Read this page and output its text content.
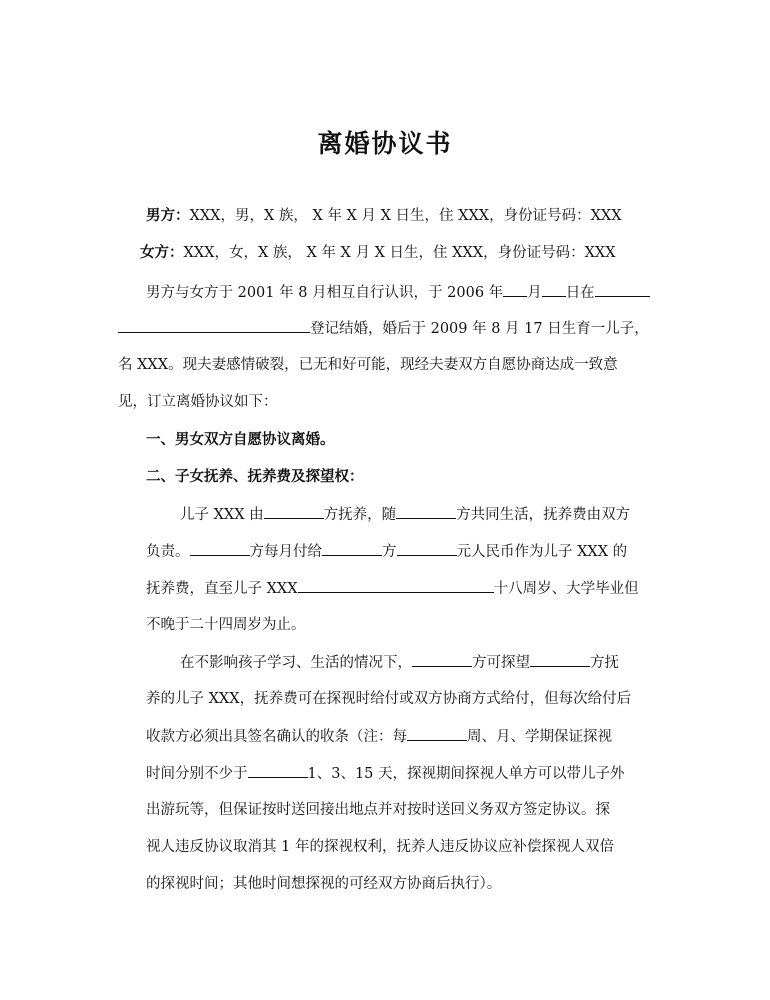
离婚协议书
男方：XXX，男，X 族， X 年 X 月 X 日生，住 XXX，身份证号码：XXX
女方：XXX，女，X 族， X 年 X 月 X 日生，住 XXX，身份证号码：XXX
男方与女方于 2001 年 8 月相互自行认识，于 2006 年 月 日在
登记结婚，婚后于 2009 年 8 月 17 日生育一儿子，
名 XXX。现夫妻感情破裂，已无和好可能，现经夫妻双方自愿协商达成一致意
见，订立离婚协议如下：
一、男女双方自愿协议离婚。
二、子女抚养、抚养费及探望权：
儿子 XXX 由	方抚养，随	方共同生活，抚养费由双方
负责。	方每月付给	方	元人民币作为儿子 XXX 的
抚养费，直至儿子 XXX	十八周岁、大学毕业但
不晚于二十四周岁为止。
在不影响孩子学习、生活的情况下，	方可探望	方抚
养的儿子 XXX，抚养费可在探视时给付或双方协商方式给付，但每次给付后
收款方必须出具签名确认的收条（注：每	周、月、学期保证探视
时间分别不少于	1、3、15 天，探视期间探视人单方可以带儿子外
出游玩等，但保证按时送回接出地点并对按时送回义务双方签定协议。探
视人违反协议取消其 1 年的探视权利，抚养人违反协议应补偿探视人双倍
的探视时间；其他时间想探视的可经双方协商后执行）。
